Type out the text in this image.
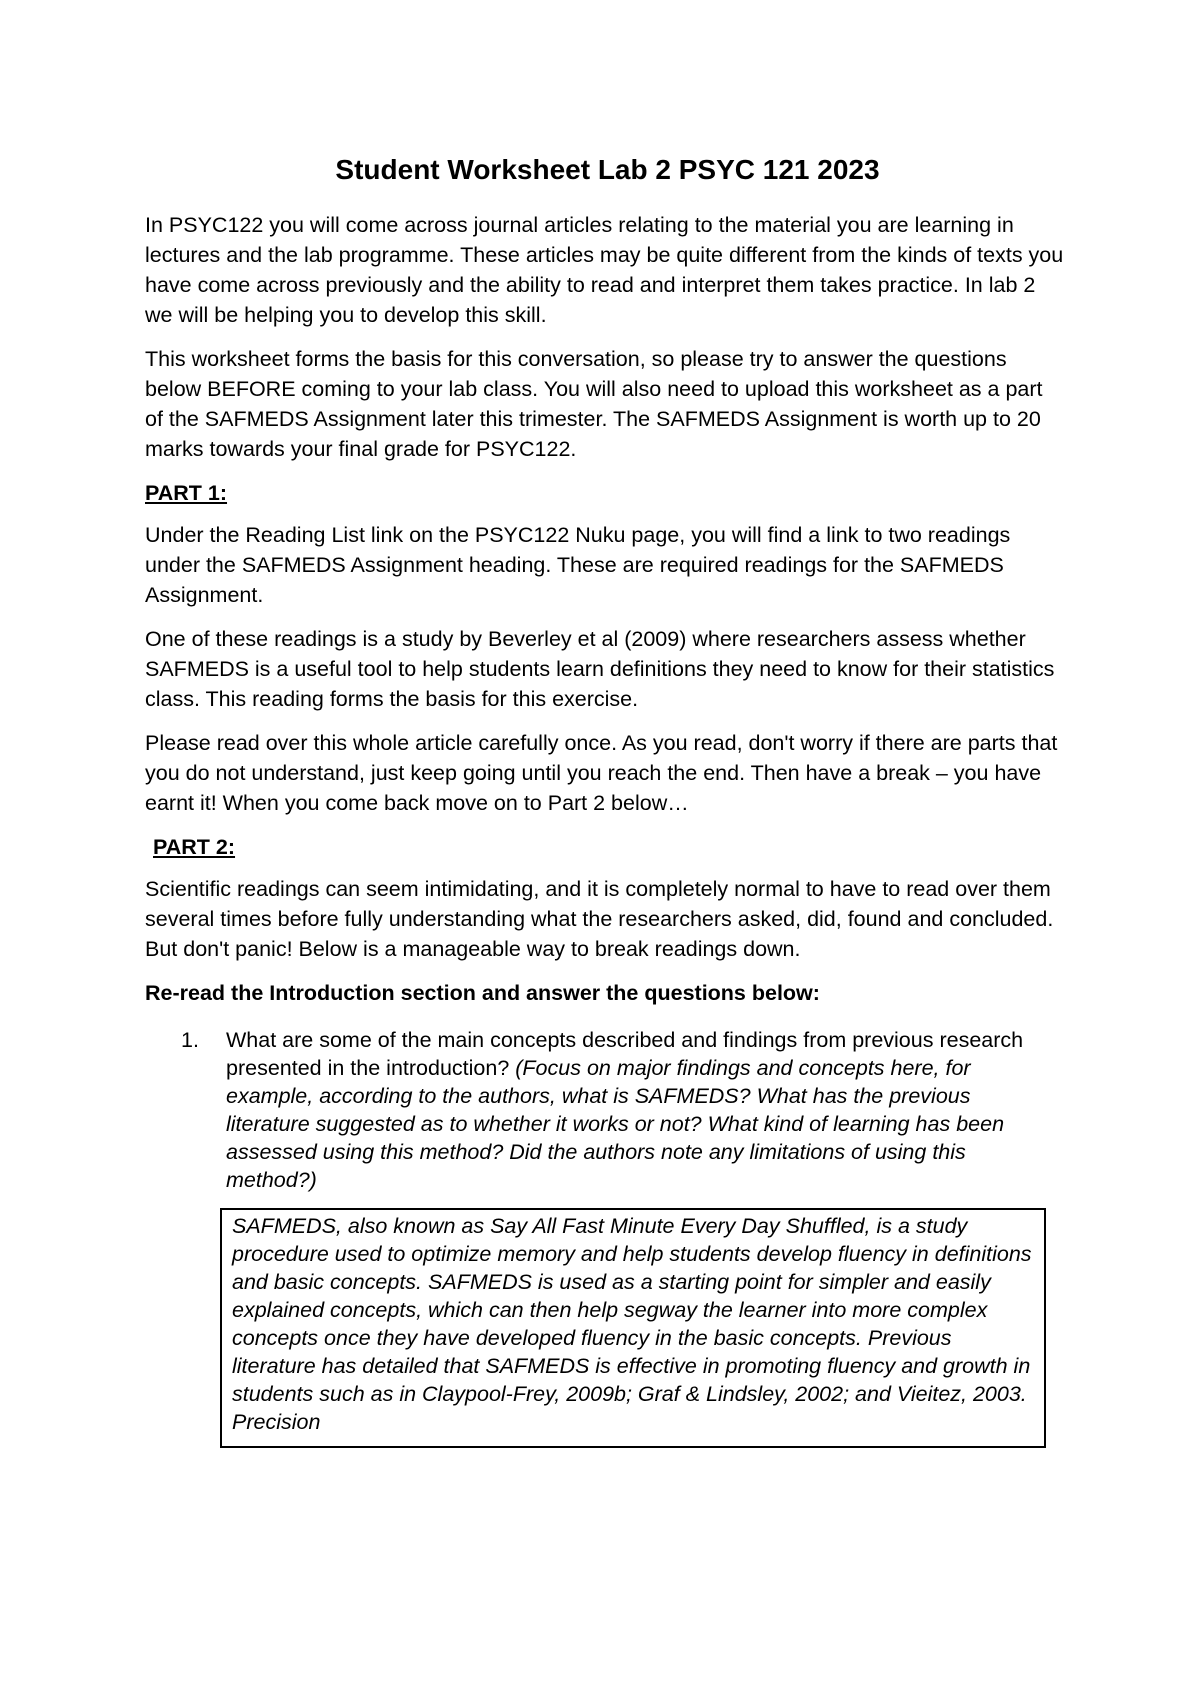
Student Worksheet Lab 2 PSYC 121 2023

In PSYC122 you will come across journal articles relating to the material you are learning in lectures and the lab programme. These articles may be quite different from the kinds of texts you have come across previously and the ability to read and interpret them takes practice. In lab 2 we will be helping you to develop this skill.

This worksheet forms the basis for this conversation, so please try to answer the questions below BEFORE coming to your lab class. You will also need to upload this worksheet as a part of the SAFMEDS Assignment later this trimester. The SAFMEDS Assignment is worth up to 20 marks towards your final grade for PSYC122.

PART 1:

Under the Reading List link on the PSYC122 Nuku page, you will find a link to two readings under the SAFMEDS Assignment heading. These are required readings for the SAFMEDS Assignment.

One of these readings is a study by Beverley et al (2009) where researchers assess whether SAFMEDS is a useful tool to help students learn definitions they need to know for their statistics class. This reading forms the basis for this exercise.

Please read over this whole article carefully once. As you read, don't worry if there are parts that you do not understand, just keep going until you reach the end. Then have a break – you have earnt it! When you come back move on to Part 2 below…

PART 2:

Scientific readings can seem intimidating, and it is completely normal to have to read over them several times before fully understanding what the researchers asked, did, found and concluded. But don't panic! Below is a manageable way to break readings down.

Re-read the Introduction section and answer the questions below:
1.	What are some of the main concepts described and findings from previous research presented in the introduction? (Focus on major findings and concepts here, for example, according to the authors, what is SAFMEDS? What has the previous literature suggested as to whether it works or not? What kind of learning has been assessed using this method? Did the authors note any limitations of using this method?)
SAFMEDS, also known as Say All Fast Minute Every Day Shuffled, is a study procedure used to optimize memory and help students develop fluency in definitions and basic concepts. SAFMEDS is used as a starting point for simpler and easily explained concepts, which can then help segway the learner into more complex concepts once they have developed fluency in the basic concepts. Previous literature has detailed that SAFMEDS is effective in promoting fluency and growth in students such as in Claypool-Frey, 2009b; Graf & Lindsley, 2002; and Vieitez, 2003. Precision
